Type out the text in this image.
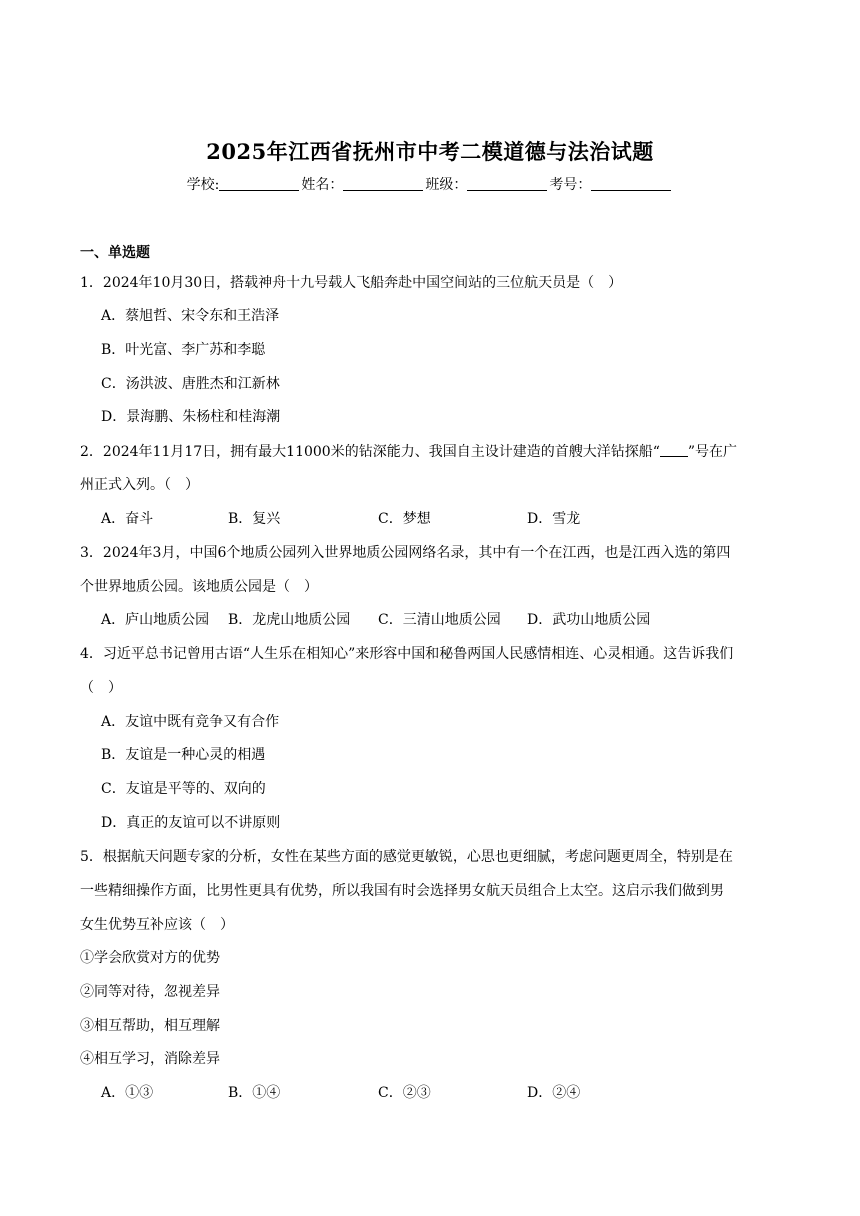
2025年江西省抚州市中考二模道德与法治试题
学校:	姓名：	班级：	考号：
一、单选题
1．2024年10月30日，搭载神舟十九号载人飞船奔赴中国空间站的三位航天员是（　）
A．蔡旭哲、宋令东和王浩泽
B．叶光富、李广苏和李聪
C．汤洪波、唐胜杰和江新林
D．景海鹏、朱杨柱和桂海潮
2．2024年11月17日，拥有最大11000米的钻深能力、我国自主设计建造的首艘大洋钻探船“ ”号在广
州正式入列。（　）
A．奋斗	B．复兴	C．梦想	D．雪龙
3．2024年3月，中国6个地质公园列入世界地质公园网络名录，其中有一个在江西，也是江西入选的第四
个世界地质公园。该地质公园是（　）
A．庐山地质公园 B．龙虎山地质公园 C．三清山地质公园 D．武功山地质公园
4．习近平总书记曾用古语“人生乐在相知心”来形容中国和秘鲁两国人民感情相连、心灵相通。这告诉我们
（　）
A．友谊中既有竞争又有合作
B．友谊是一种心灵的相遇
C．友谊是平等的、双向的
D．真正的友谊可以不讲原则
5．根据航天问题专家的分析，女性在某些方面的感觉更敏锐，心思也更细腻，考虑问题更周全，特别是在
一些精细操作方面，比男性更具有优势，所以我国有时会选择男女航天员组合上太空。这启示我们做到男
女生优势互补应该（　）
①学会欣赏对方的优势
②同等对待，忽视差异
③相互帮助，相互理解
④相互学习，消除差异
A．①③	B．①④	C．②③	D．②④
